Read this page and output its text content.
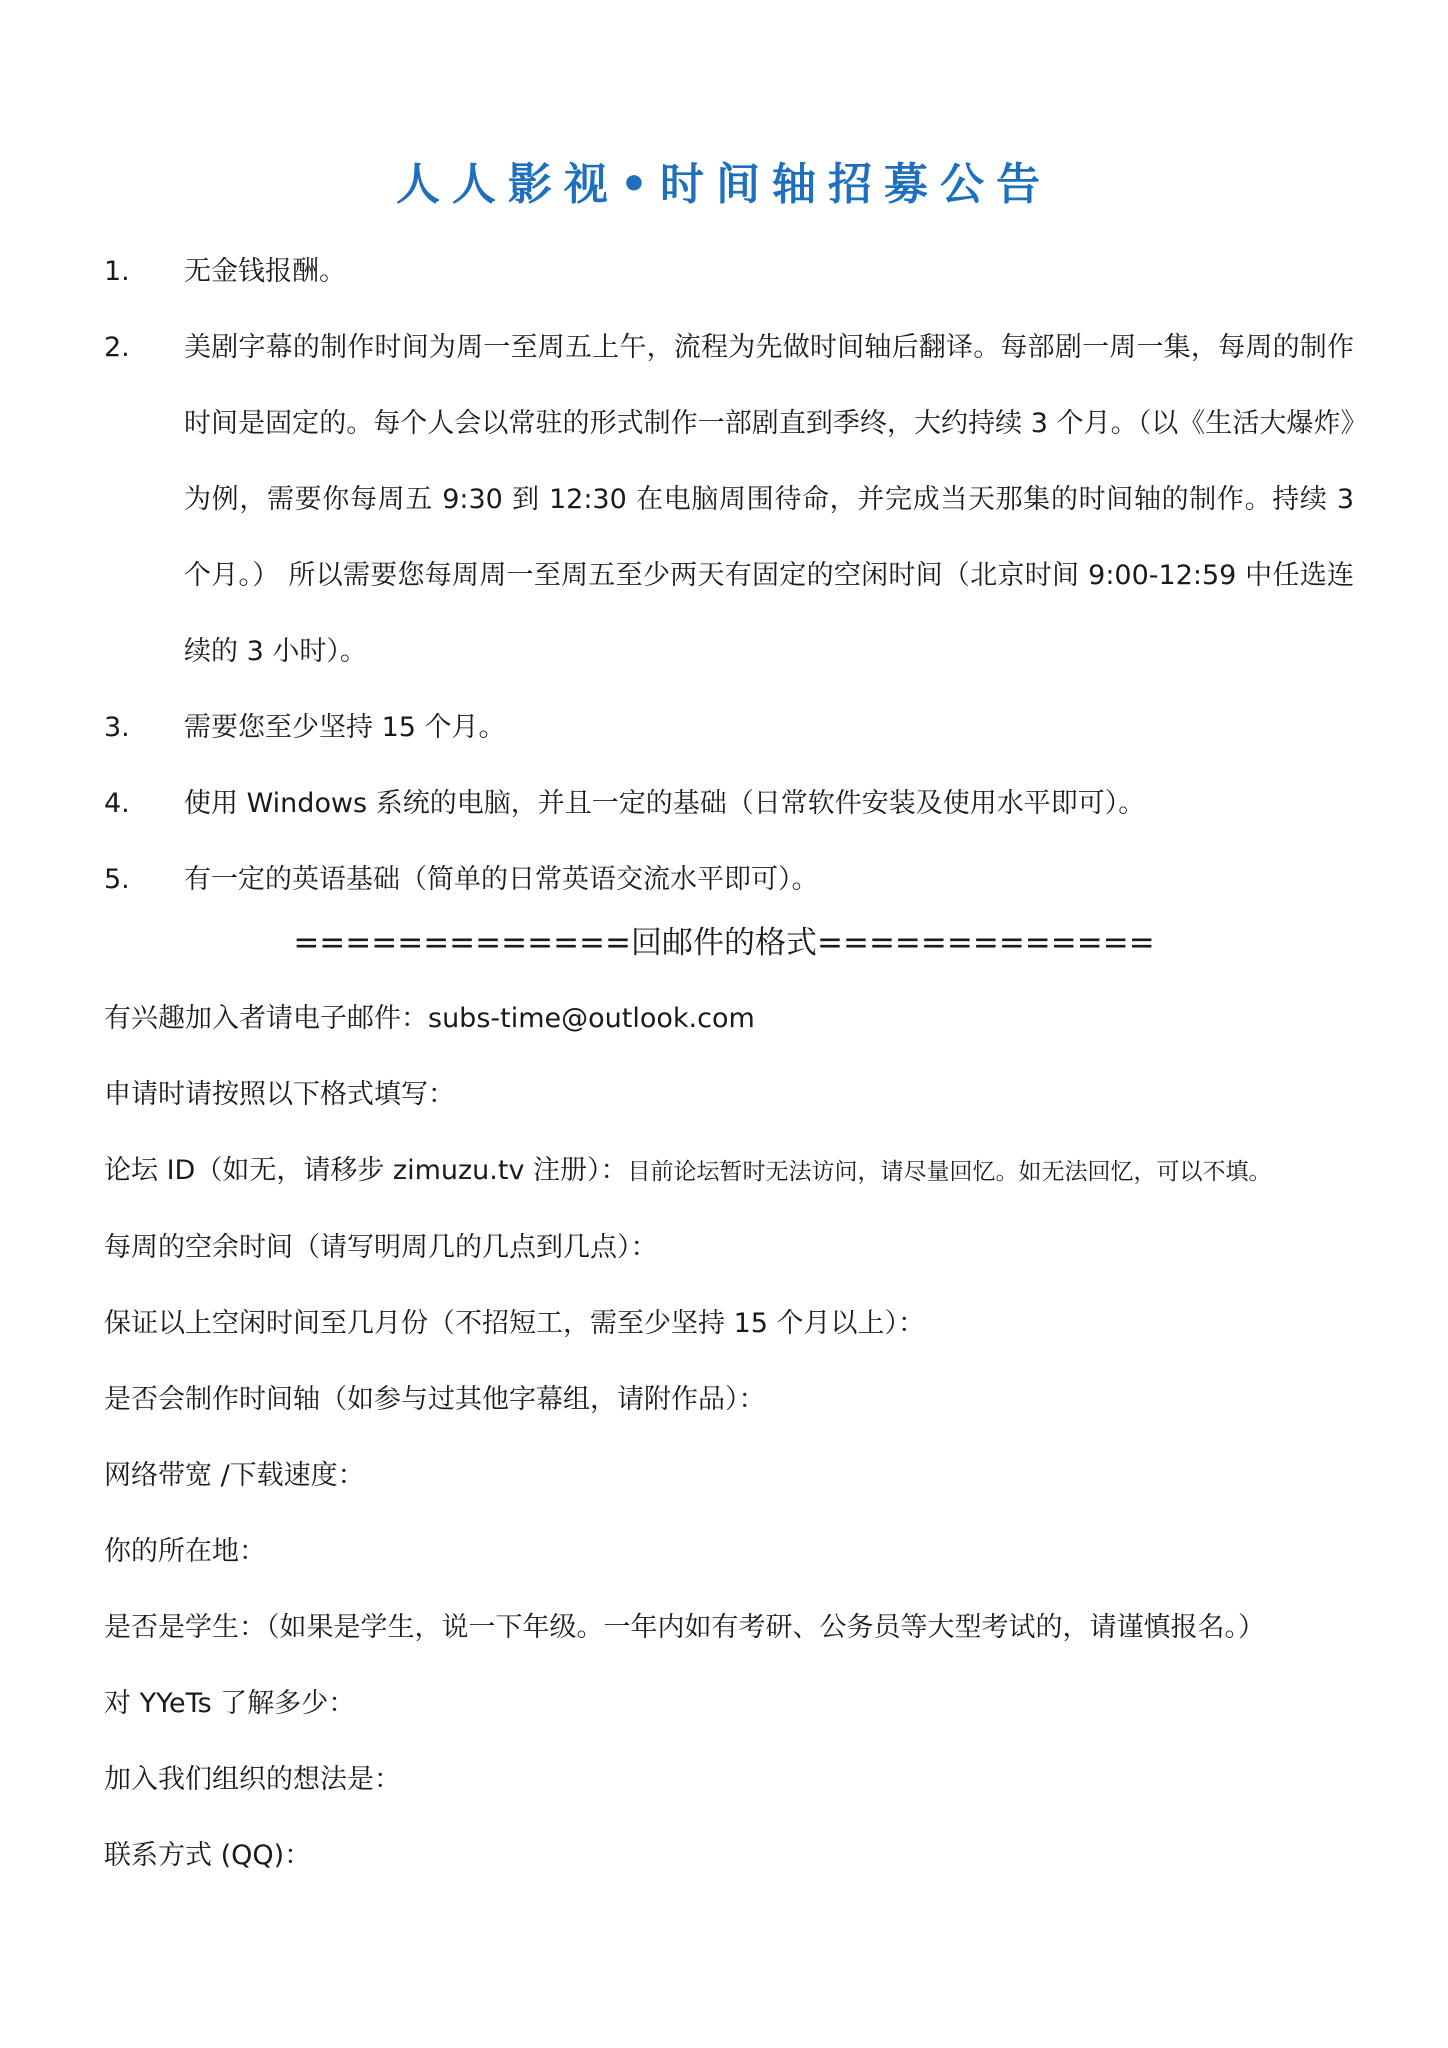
人人影视•时间轴招募公告
1.	无金钱报酬。
2.	美剧字幕的制作时间为周一至周五上午，流程为先做时间轴后翻译。每部剧一周一集，每周的制作时间是固定的。每个人会以常驻的形式制作一部剧直到季终，大约持续 3 个月。（以《生活大爆炸》为例，需要你每周五 9:30 到 12:30 在电脑周围待命，并完成当天那集的时间轴的制作。持续 3 个月。） 所以需要您每周周一至周五至少两天有固定的空闲时间（北京时间 9:00-12:59 中任选连续的 3 小时）。
3.	需要您至少坚持 15 个月。
4.	使用 Windows 系统的电脑，并且一定的基础（日常软件安装及使用水平即可）。
5.	有一定的英语基础（简单的日常英语交流水平即可）。
=============回邮件的格式=============
有兴趣加入者请电子邮件：subs-time@outlook.com
申请时请按照以下格式填写：
论坛 ID（如无，请移步 zimuzu.tv 注册）：目前论坛暂时无法访问，请尽量回忆。如无法回忆，可以不填。
每周的空余时间（请写明周几的几点到几点）：
保证以上空闲时间至几月份（不招短工，需至少坚持 15 个月以上）：
是否会制作时间轴（如参与过其他字幕组，请附作品）：
网络带宽 /下载速度：
你的所在地：
是否是学生：（如果是学生，说一下年级。一年内如有考研、公务员等大型考试的，请谨慎报名。）
对 YYeTs 了解多少：
加入我们组织的想法是：
联系方式 (QQ)：
